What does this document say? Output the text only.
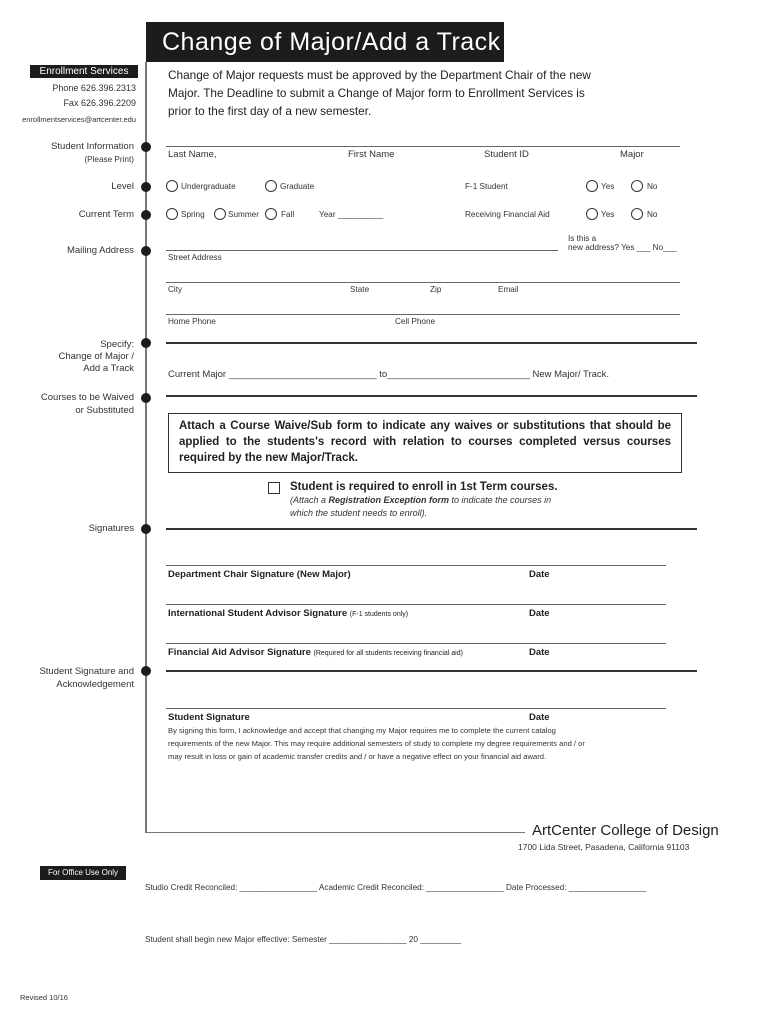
Change of Major/Add a Track
Enrollment Services
Phone 626.396.2313
Fax 626.396.2209
enrollmentservices@artcenter.edu
Change of Major requests must be approved by the Department Chair of the new Major. The Deadline to submit a Change of Major form to Enrollment Services is prior to the first day of a new semester.
Student Information
(Please Print)
Level
Current Term
Mailing Address
Specify:
Change of Major /
Add a Track
Courses to be Waived
or Substituted
Signatures
Student Signature and
Acknowledgement
Last Name,	First Name	Student ID	Major
Undergraduate	Graduate	F-1 Student	Yes	No
Spring	Summer	Fall	Year __________	Receiving Financial Aid	Yes	No
Is this a
new address? Yes ___ No___
Street Address
City	State	Zip	Email
Home Phone	Cell Phone
Current Major ____________________________ to___________________________ New Major/ Track.
Attach a Course Waive/Sub form to indicate any waives or substitutions that should be applied to the students's record with relation to courses completed versus courses required by the new Major/Track.
Student is required to enroll in 1st Term courses.
(Attach a Registration Exception form to indicate the courses in
which the student needs to enroll).
Department Chair Signature (New Major)	Date
International Student Advisor Signature (F-1 students only)	Date
Financial Aid Advisor Signature (Required for all students receiving financial aid)	Date
Student Signature	Date
By signing this form, I acknowledge and accept that changing my Major requires me to complete the current catalog
requirements of the new Major. This may require additional semesters of study to complete my degree requirements and / or
may result in loss or gain of academic transfer credits and / or have a negative effect on your financial aid award.
ArtCenter College of Design
1700 Lida Street, Pasadena, California 91103
For Office Use Only
Studio Credit Reconciled: _________________ Academic Credit Reconciled: _________________ Date Processed: _________________
Student shall begin new Major effective: Semester _________________ 20 _________
Revised 10/16
